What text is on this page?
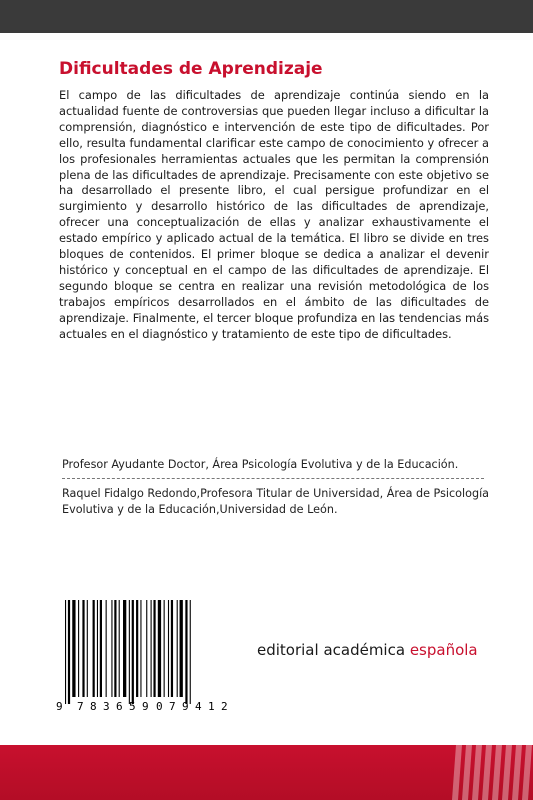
Dificultades de Aprendizaje

El campo de las dificultades de aprendizaje continúa siendo en la actualidad fuente de controversias que pueden llegar incluso a dificultar la comprensión, diagnóstico e intervención de este tipo de dificultades. Por ello, resulta fundamental clarificar este campo de conocimiento y ofrecer a los profesionales herramientas actuales que les permitan la comprensión plena de las dificultades de aprendizaje. Precisamente con este objetivo se ha desarrollado el presente libro, el cual persigue profundizar en el surgimiento y desarrollo histórico de las dificultades de aprendizaje, ofrecer una conceptualización de ellas y analizar exhaustivamente el estado empírico y aplicado actual de la temática. El libro se divide en tres bloques de contenidos. El primer bloque se dedica a analizar el devenir histórico y conceptual en el campo de las dificultades de aprendizaje. El segundo bloque se centra en realizar una revisión metodológica de los trabajos empíricos desarrollados en el ámbito de las dificultades de aprendizaje. Finalmente, el tercer bloque profundiza en las tendencias más actuales en el diagnóstico y tratamiento de este tipo de dificultades.

Profesor Ayudante Doctor, Área Psicología Evolutiva y de la Educación.
Raquel Fidalgo Redondo,Profesora Titular de Universidad, Área de Psicología Evolutiva y de la Educación,Universidad de León.
9 7 8 3 6 5 9 0 7 9 4 1 2
editorial académica española
